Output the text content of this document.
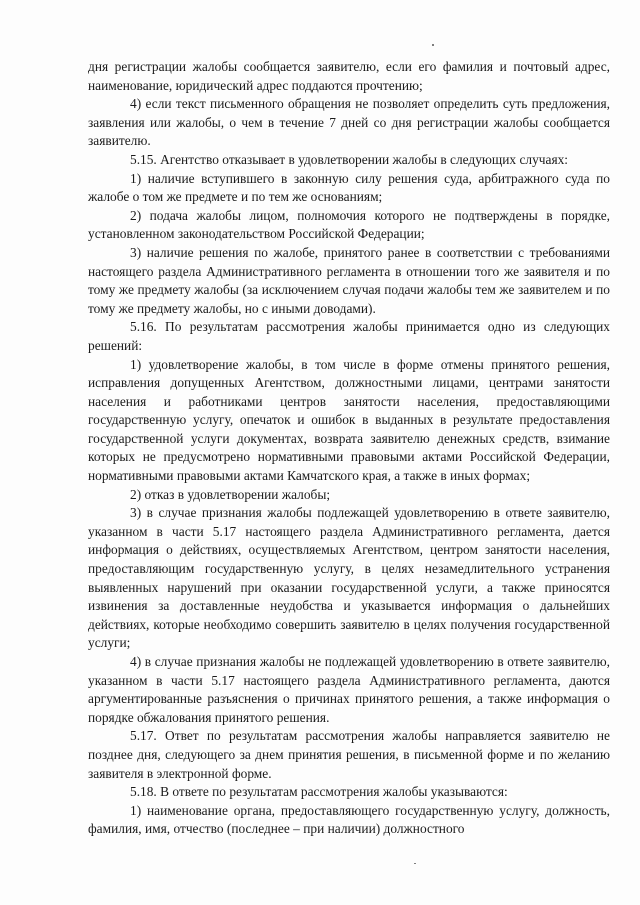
дня регистрации жалобы сообщается заявителю, если его фамилия и почтовый адрес, наименование, юридический адрес поддаются прочтению;

4) если текст письменного обращения не позволяет определить суть предложения, заявления или жалобы, о чем в течение 7 дней со дня регистрации жалобы сообщается заявителю.

5.15. Агентство отказывает в удовлетворении жалобы в следующих случаях:

1) наличие вступившего в законную силу решения суда, арбитражного суда по жалобе о том же предмете и по тем же основаниям;

2) подача жалобы лицом, полномочия которого не подтверждены в порядке, установленном законодательством Российской Федерации;

3) наличие решения по жалобе, принятого ранее в соответствии с требованиями настоящего раздела Административного регламента в отношении того же заявителя и по тому же предмету жалобы (за исключением случая подачи жалобы тем же заявителем и по тому же предмету жалобы, но с иными доводами).

5.16. По результатам рассмотрения жалобы принимается одно из следующих решений:

1) удовлетворение жалобы, в том числе в форме отмены принятого решения, исправления допущенных Агентством, должностными лицами, центрами занятости населения и работниками центров занятости населения, предоставляющими государственную услугу, опечаток и ошибок в выданных в результате предоставления государственной услуги документах, возврата заявителю денежных средств, взимание которых не предусмотрено нормативными правовыми актами Российской Федерации, нормативными правовыми актами Камчатского края, а также в иных формах;

2) отказ в удовлетворении жалобы;

3) в случае признания жалобы подлежащей удовлетворению в ответе заявителю, указанном в части 5.17 настоящего раздела Административного регламента, дается информация о действиях, осуществляемых Агентством, центром занятости населения, предоставляющим государственную услугу, в целях незамедлительного устранения выявленных нарушений при оказании государственной услуги, а также приносятся извинения за доставленные неудобства и указывается информация о дальнейших действиях, которые необходимо совершить заявителю в целях получения государственной услуги;

4) в случае признания жалобы не подлежащей удовлетворению в ответе заявителю, указанном в части 5.17 настоящего раздела Административного регламента, даются аргументированные разъяснения о причинах принятого решения, а также информация о порядке обжалования принятого решения.

5.17. Ответ по результатам рассмотрения жалобы направляется заявителю не позднее дня, следующего за днем принятия решения, в письменной форме и по желанию заявителя в электронной форме.

5.18. В ответе по результатам рассмотрения жалобы указываются:

1) наименование органа, предоставляющего государственную услугу, должность, фамилия, имя, отчество (последнее – при наличии) должностного
